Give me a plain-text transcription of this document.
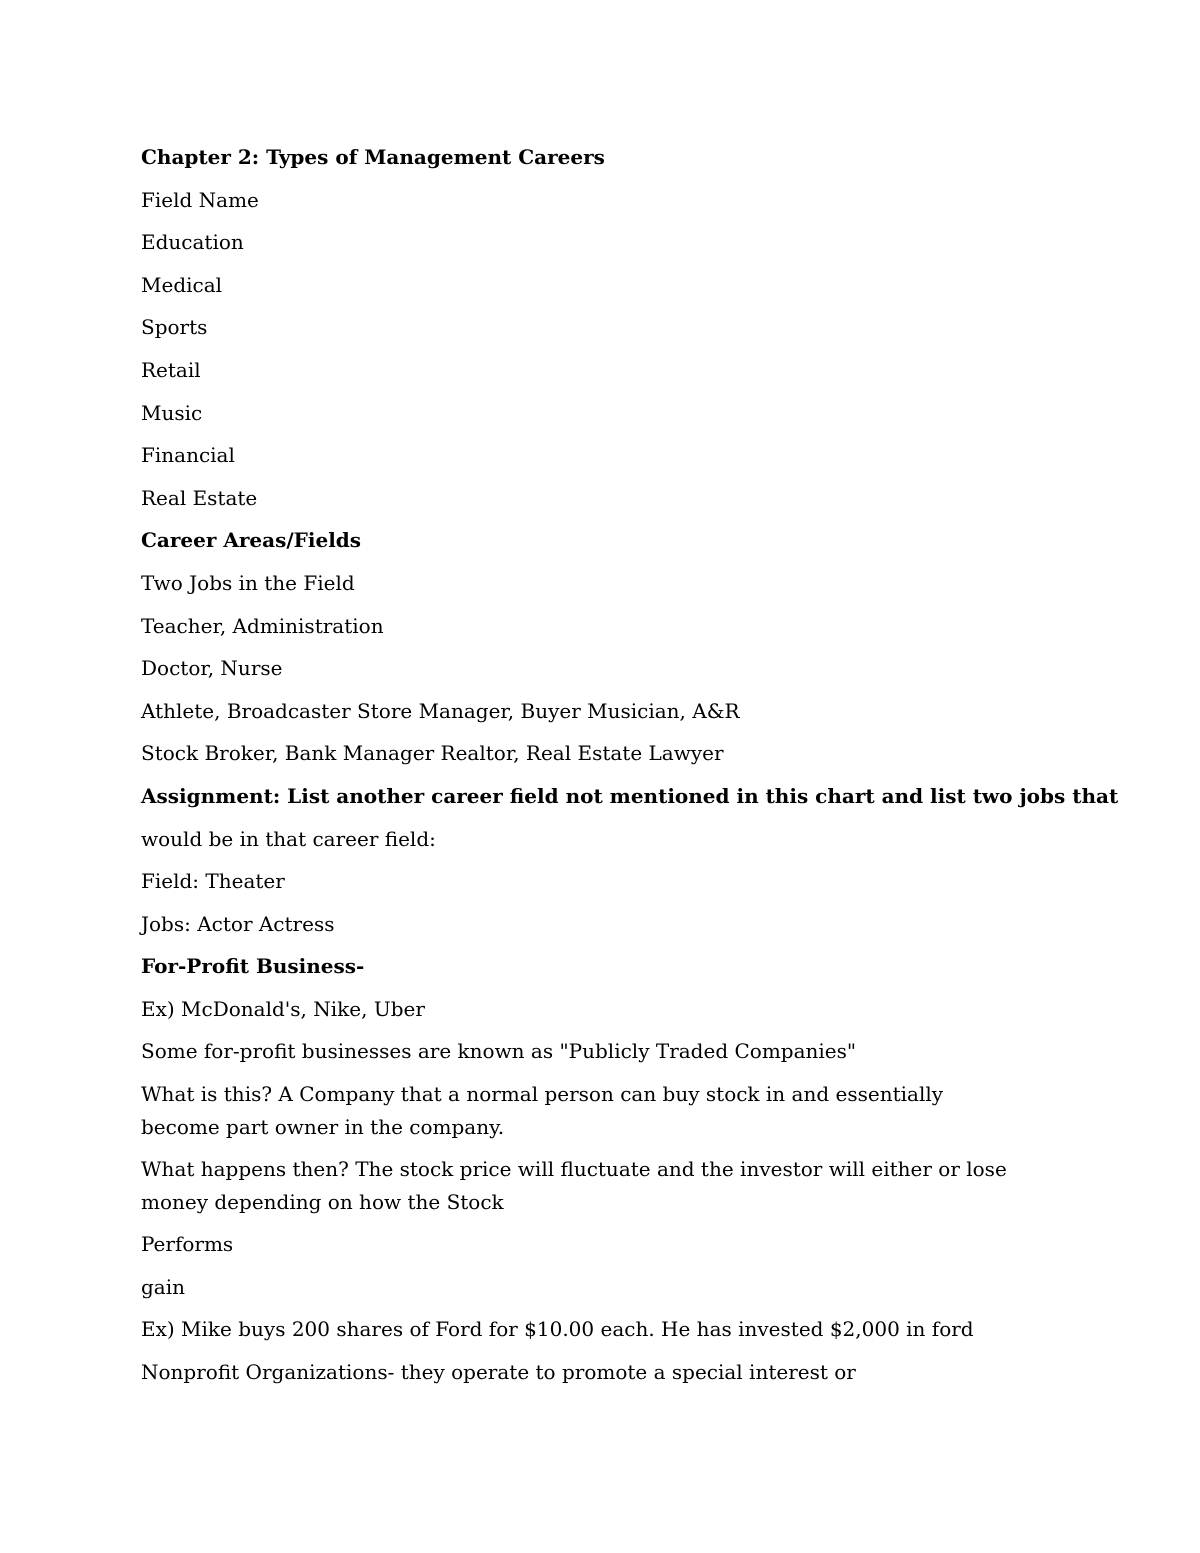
Chapter 2: Types of Management Careers
Field Name
Education
Medical
Sports
Retail
Music
Financial
Real Estate
Career Areas/Fields
Two Jobs in the Field
Teacher, Administration
Doctor, Nurse
Athlete, Broadcaster Store Manager, Buyer Musician, A&R
Stock Broker, Bank Manager Realtor, Real Estate Lawyer
Assignment: List another career field not mentioned in this chart and list two jobs that
would be in that career field:
Field: Theater
Jobs: Actor Actress
For-Profit Business-
Ex) McDonald's, Nike, Uber
Some for-profit businesses are known as "Publicly Traded Companies"
What is this? A Company that a normal person can buy stock in and essentially become part owner in the company.
What happens then? The stock price will fluctuate and the investor will either or lose money depending on how the Stock
Performs
gain
Ex) Mike buys 200 shares of Ford for $10.00 each. He has invested $2,000 in ford
Nonprofit Organizations- they operate to promote a special interest or
